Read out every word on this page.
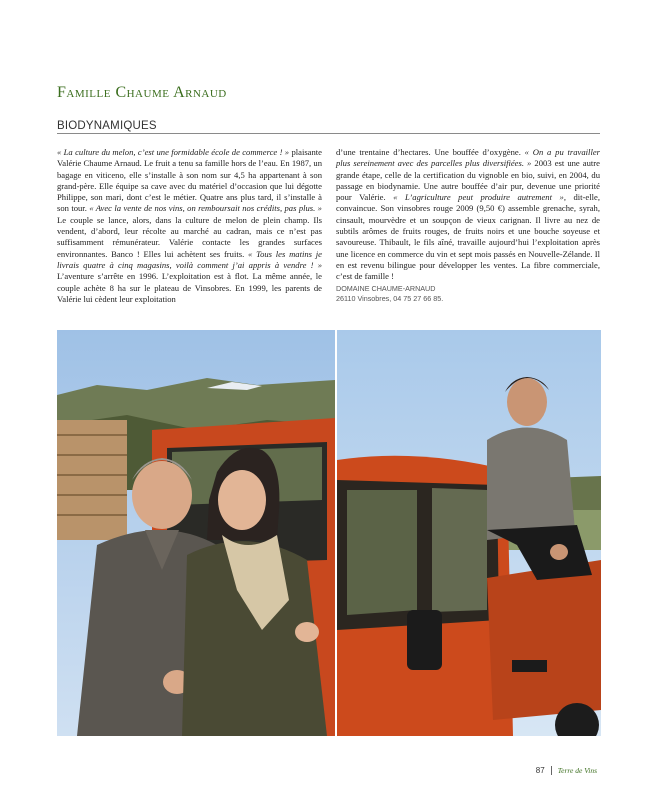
Famille Chaume Arnaud
BIODYNAMIQUES

« La culture du melon, c’est une formidable école de commerce ! » plaisante Valérie Chaume Arnaud. Le fruit a tenu sa famille hors de l’eau. En 1987, un bagage en viticeno, elle s’installe à son nom sur 4,5 ha appartenant à son grand-père. Elle équipe sa cave avec du matériel d’occasion que lui dégotte Philippe, son mari, dont c’est le métier. Quatre ans plus tard, il s’installe à son tour. « Avec la vente de nos vins, on remboursait nos crédits, pas plus. » Le couple se lance, alors, dans la culture de melon de plein champ. Ils vendent, d’abord, leur récolte au marché au cadran, mais ce n’est pas suffisamment rémunérateur. Valérie contacte les grandes surfaces environnantes. Banco ! Elles lui achètent ses fruits. « Tous les matins je livrais quatre à cinq magasins, voilà comment j’ai appris à vendre ! » L’aventure s’arrête en 1996. L’exploitation est à flot. La même année, le couple achète 8 ha sur le plateau de Vinsobres. En 1999, les parents de Valérie lui cèdent leur exploitation

d’une trentaine d’hectares. Une bouffée d’oxygène. « On a pu travailler plus sereinement avec des parcelles plus diversifiées. » 2003 est une autre grande étape, celle de la certification du vignoble en bio, suivi, en 2004, du passage en biodynamie. Une autre bouffée d’air pur, devenue une priorité pour Valérie. « L’agriculture peut produire autrement », dit-elle, convaincue. Son vinsobres rouge 2009 (9,50 €) assemble grenache, syrah, cinsault, mourvèdre et un soupçon de vieux carignan. Il livre au nez de subtils arômes de fruits rouges, de fruits noirs et une bouche soyeuse et savoureuse. Thibault, le fils aîné, travaille aujourd’hui l’exploitation après une licence en commerce du vin et sept mois passés en Nouvelle-Zélande. Il en est revenu bilingue pour développer les ventes. La fibre commerciale, c’est de famille !

DOMAINE CHAUME-ARNAUD
26110 Vinsobres, 04 75 27 66 85.
87 Terre de Vins
